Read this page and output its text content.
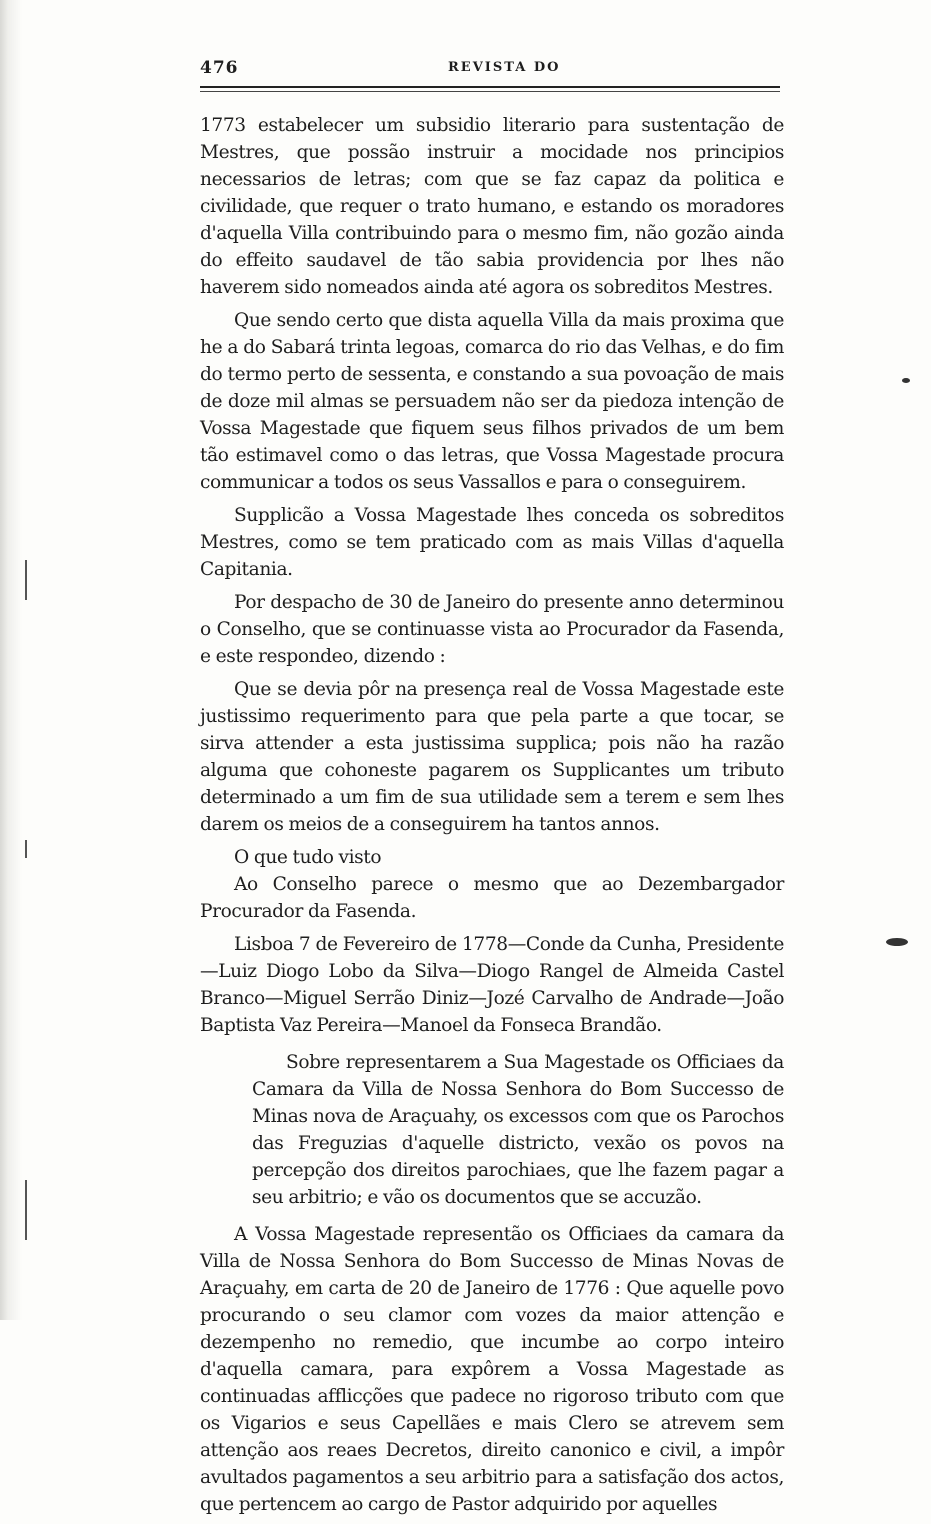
476	REVISTA DO

1773 estabelecer um subsidio literario para sustentação de Mestres, que possão instruir a mocidade nos principios necessarios de letras; com que se faz capaz da politica e civilidade, que requer o trato humano, e estando os moradores d'aquella Villa contribuindo para o mesmo fim, não gozão ainda do effeito saudavel de tão sabia providencia por lhes não haverem sido nomeados ainda até agora os sobreditos Mestres.

Que sendo certo que dista aquella Villa da mais proxima que he a do Sabará trinta legoas, comarca do rio das Velhas, e do fim do termo perto de sessenta, e constando a sua povoação de mais de doze mil almas se persuadem não ser da piedoza intenção de Vossa Magestade que fiquem seus filhos privados de um bem tão estimavel como o das letras, que Vossa Magestade procura communicar a todos os seus Vassallos e para o conseguirem.

Supplicão a Vossa Magestade lhes conceda os sobreditos Mestres, como se tem praticado com as mais Villas d'aquella Capitania.

Por despacho de 30 de Janeiro do presente anno determinou o Conselho, que se continuasse vista ao Procurador da Fasenda, e este respondeo, dizendo :

Que se devia pôr na presença real de Vossa Magestade este justissimo requerimento para que pela parte a que tocar, se sirva attender a esta justissima supplica; pois não ha razão alguma que cohoneste pagarem os Supplicantes um tributo determinado a um fim de sua utilidade sem a terem e sem lhes darem os meios de a conseguirem ha tantos annos.

O que tudo visto

Ao Conselho parece o mesmo que ao Dezembargador Procurador da Fasenda.

Lisboa 7 de Fevereiro de 1778—Conde da Cunha, Presidente—Luiz Diogo Lobo da Silva—Diogo Rangel de Almeida Castel Branco—Miguel Serrão Diniz—Jozé Carvalho de Andrade—João Baptista Vaz Pereira—Manoel da Fonseca Brandão.

Sobre representarem a Sua Magestade os Officiaes da Camara da Villa de Nossa Senhora do Bom Successo de Minas nova de Araçuahy, os excessos com que os Parochos das Freguzias d'aquelle districto, vexão os povos na percepção dos direitos parochiaes, que lhe fazem pagar a seu arbitrio; e vão os documentos que se accuzão.

A Vossa Magestade representão os Officiaes da camara da Villa de Nossa Senhora do Bom Successo de Minas Novas de Araçuahy, em carta de 20 de Janeiro de 1776 : Que aquelle povo procurando o seu clamor com vozes da maior attenção e dezempenho no remedio, que incumbe ao corpo inteiro d'aquella camara, para expôrem a Vossa Magestade as continuadas afflicções que padece no rigoroso tributo com que os Vigarios e seus Capellães e mais Clero se atrevem sem attenção aos reaes Decretos, direito canonico e civil, a impôr avultados pagamentos a seu arbitrio para a satisfação dos actos, que pertencem ao cargo de Pastor adquirido por aquelles
